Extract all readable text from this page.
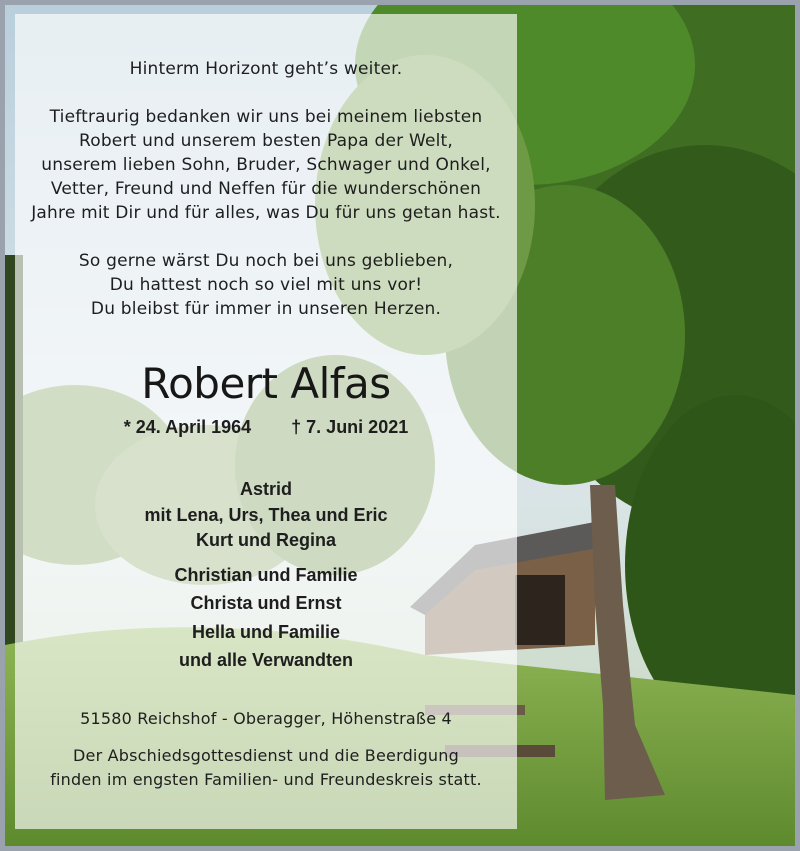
Hinterm Horizont geht’s weiter.
Tieftraurig bedanken wir uns bei meinem liebsten
Robert und unserem besten Papa der Welt,
unserem lieben Sohn, Bruder, Schwager und Onkel,
Vetter, Freund und Neffen für die wunderschönen
Jahre mit Dir und für alles, was Du für uns getan hast.
So gerne wärst Du noch bei uns geblieben,
Du hattest noch so viel mit uns vor!
Du bleibst für immer in unseren Herzen.
Robert Alfas
* 24. April 1964 † 7. Juni 2021
Astrid
mit Lena, Urs, Thea und Eric
Kurt und Regina
Christian und Familie
Christa und Ernst
Hella und Familie
und alle Verwandten
51580 Reichshof - Oberagger, Höhenstraße 4
Der Abschiedsgottesdienst und die Beerdigung
finden im engsten Familien- und Freundeskreis statt.
